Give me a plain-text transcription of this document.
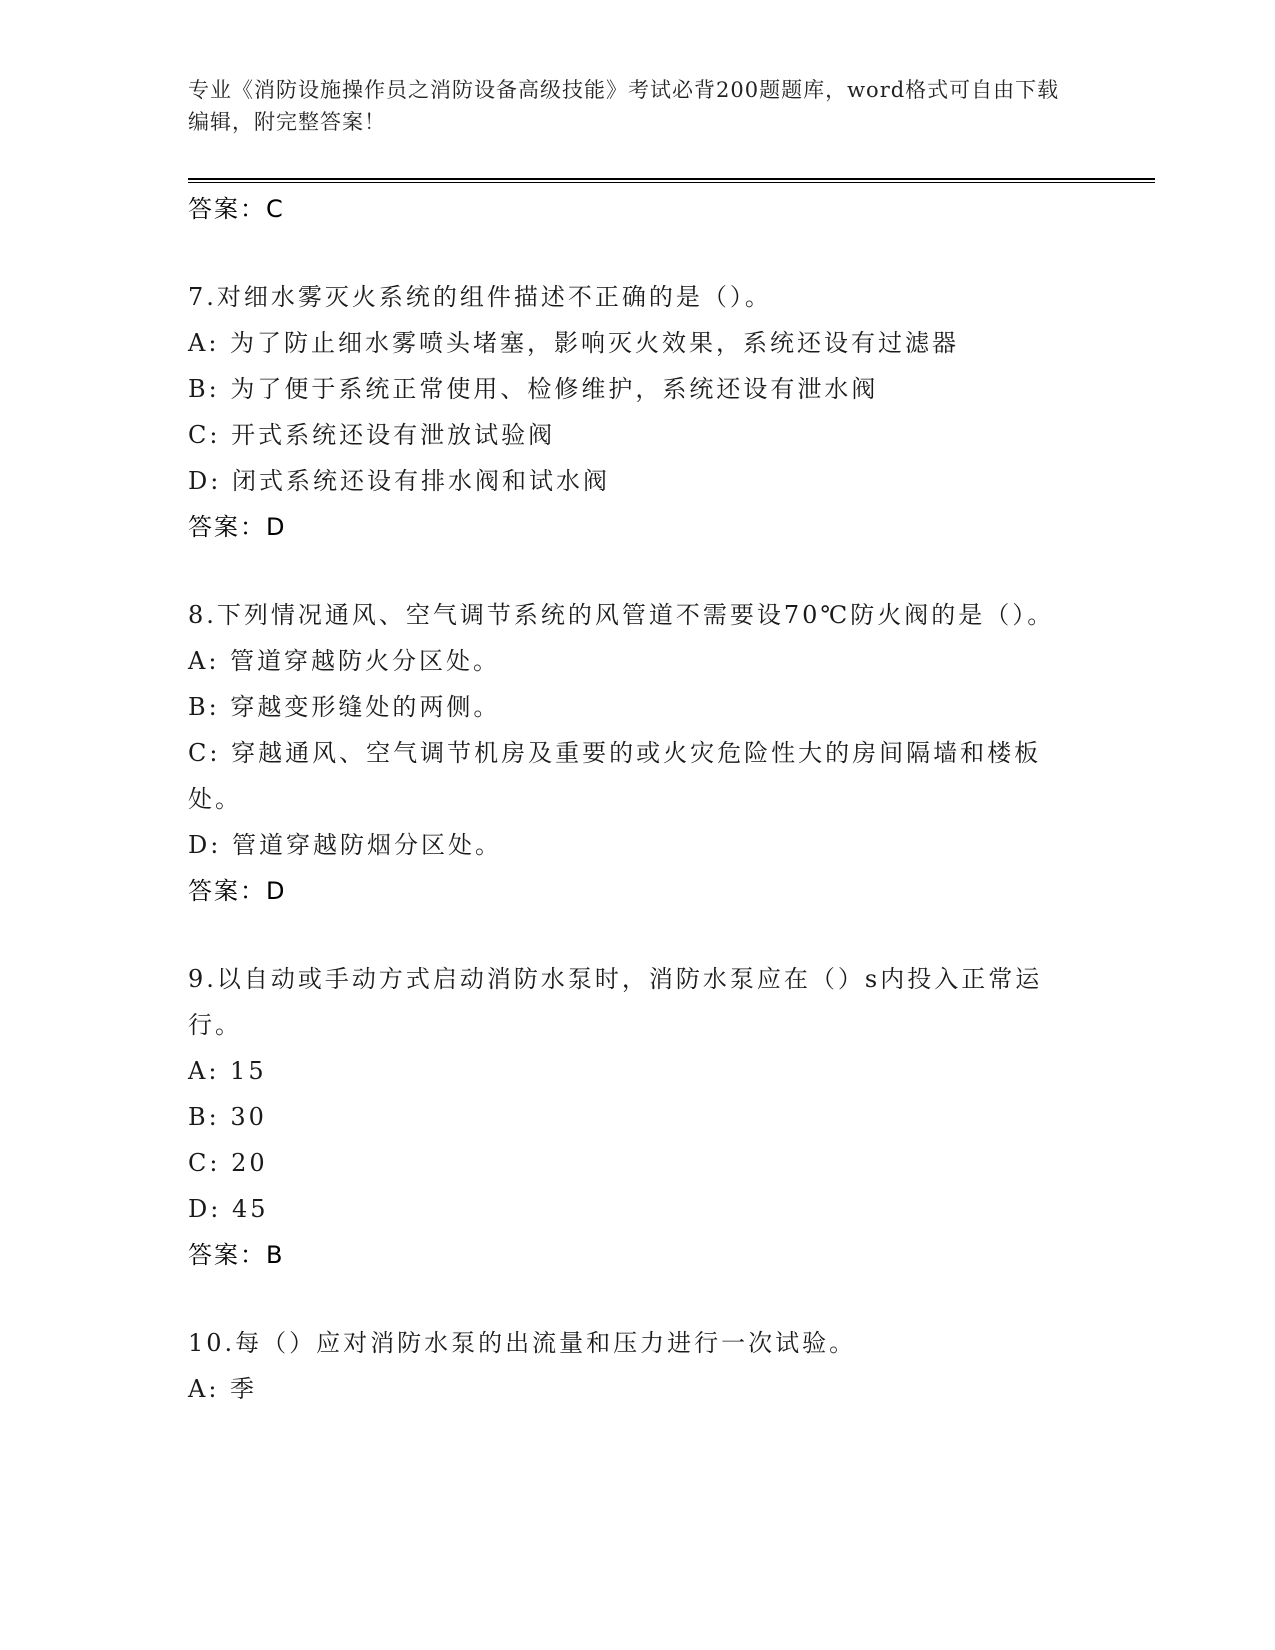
专业《消防设施操作员之消防设备高级技能》考试必背200题题库，word格式可自由下载编辑，附完整答案！
答案：C
7.对细水雾灭火系统的组件描述不正确的是（）。
A: 为了防止细水雾喷头堵塞，影响灭火效果，系统还设有过滤器
B: 为了便于系统正常使用、检修维护，系统还设有泄水阀
C: 开式系统还设有泄放试验阀
D: 闭式系统还设有排水阀和试水阀
答案：D
8.下列情况通风、空气调节系统的风管道不需要设70℃防火阀的是（）。
A: 管道穿越防火分区处。
B: 穿越变形缝处的两侧。
C: 穿越通风、空气调节机房及重要的或火灾危险性大的房间隔墙和楼板处。
D: 管道穿越防烟分区处。
答案：D
9.以自动或手动方式启动消防水泵时，消防水泵应在（）s内投入正常运行。
A: 15
B: 30
C: 20
D: 45
答案：B
10.每（）应对消防水泵的出流量和压力进行一次试验。
A: 季
